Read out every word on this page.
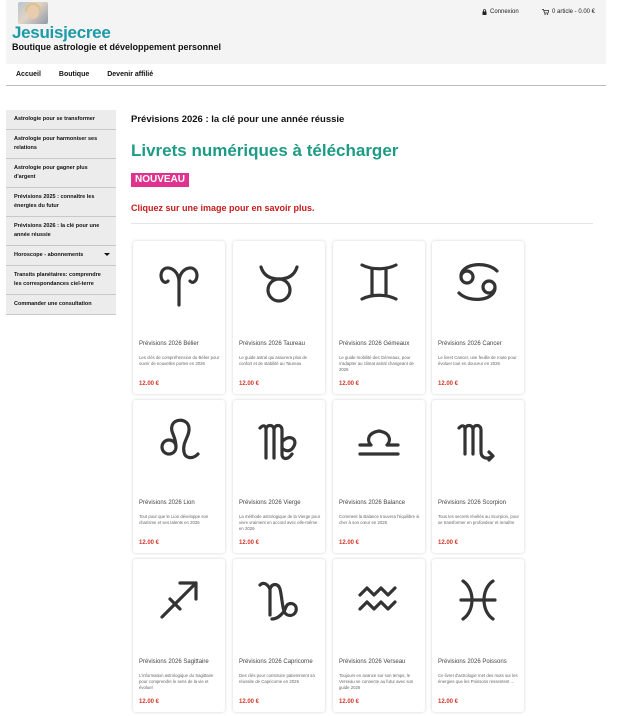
Jesuisjecree
Boutique astrologie et développement personnel
Connexion	0 article - 0.00 €
Accueil	Boutique	Devenir affilié
Astrologie pour se transformer
Astrologie pour harmoniser ses relations
Astrologie pour gagner plus d'argent
Prévisions 2025 : connaître les énergies du futur
Prévisions 2026 : la clé pour une année réussie
Horoscope - abonnements
Transits planétaires: comprendre les correspondances ciel-terre
Commander une consultation
Prévisions 2026 : la clé pour une année réussie
Livrets numériques à télécharger
NOUVEAU
Cliquez sur une image pour en savoir plus.
Prévisions 2026 Bélier
Les clés de compréhension du Bélier pour ouvrir de nouvelles portes en 2026
12.00 €
Prévisions 2026 Taureau
Le guide astral qui assurera plus de confort et de stabilité au Taureau
12.00 €
Prévisions 2026 Gémeaux
Le guide mobilité des Gémeaux, pour s'adapter au climat astral changeant de 2026
12.00 €
Prévisions 2026 Cancer
Le livret Cancer, une feuille de route pour évoluer tout en douceur en 2026
12.00 €
Prévisions 2026 Lion
Tout pour que le Lion développe son charisme et ses talents en 2026
12.00 €
Prévisions 2026 Vierge
La méthode astrologique de la Vierge pour vivre vraiment en accord avec elle-même en 2026
12.00 €
Prévisions 2026 Balance
Comment la Balance trouvera l'équilibre si cher à son cœur en 2026
12.00 €
Prévisions 2026 Scorpion
Tous les secrets révélés au Scorpion, pour se transformer en profondeur et renaître
12.00 €
Prévisions 2026 Sagittaire
L'information astrologique du Sagittaire pour comprendre le sens de la vie et évoluer
12.00 €
Prévisions 2026 Capricorne
Des clés pour construire patiemment sa réussite de Capricorne en 2026
12.00 €
Prévisions 2026 Verseau
Toujours en avance sur son temps, le Verseau se connecte au futur avec son guide 2026
12.00 €
Prévisions 2026 Poissons
Ce livret d'astrologie met des mots sur les énergies que les Poissons ressentent ...
12.00 €
